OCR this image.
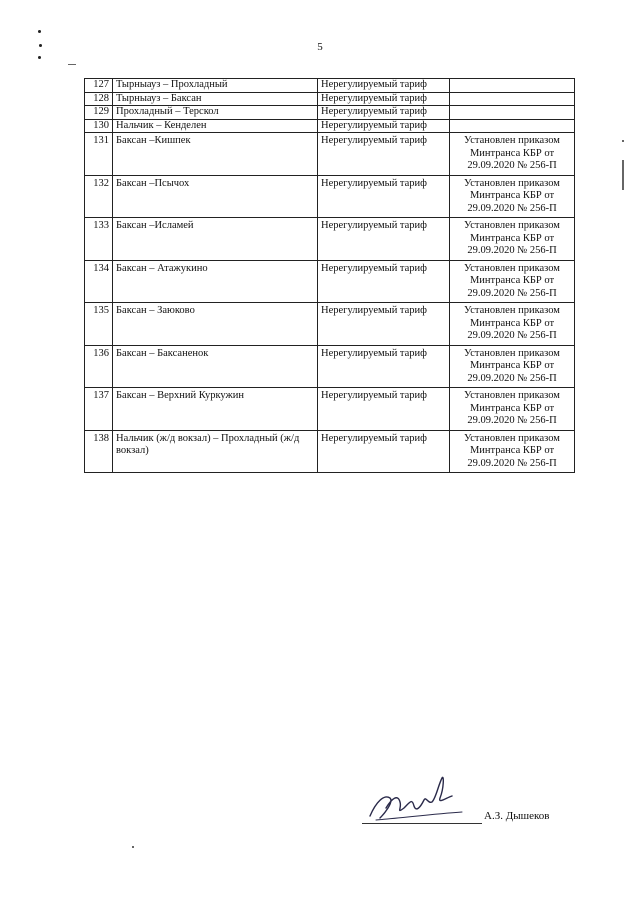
5
127	Тырныауз – Прохладный	Нерегулируемый тариф	
128	Тырныауз – Баксан	Нерегулируемый тариф	
129	Прохладный – Терскол	Нерегулируемый тариф	
130	Нальчик – Кенделен	Нерегулируемый тариф	
131	Баксан –Кишпек	Нерегулируемый тариф	Установлен приказом Минтранса КБР от 29.09.2020 № 256-П
132	Баксан –Псычох	Нерегулируемый тариф	Установлен приказом Минтранса КБР от 29.09.2020 № 256-П
133	Баксан –Исламей	Нерегулируемый тариф	Установлен приказом Минтранса КБР от 29.09.2020 № 256-П
134	Баксан – Атажукино	Нерегулируемый тариф	Установлен приказом Минтранса КБР от 29.09.2020 № 256-П
135	Баксан – Заюково	Нерегулируемый тариф	Установлен приказом Минтранса КБР от 29.09.2020 № 256-П
136	Баксан – Баксаненок	Нерегулируемый тариф	Установлен приказом Минтранса КБР от 29.09.2020 № 256-П
137	Баксан – Верхний Куркужин	Нерегулируемый тариф	Установлен приказом Минтранса КБР от 29.09.2020 № 256-П
138	Нальчик (ж/д вокзал) – Прохладный (ж/д вокзал)	Нерегулируемый тариф	Установлен приказом Минтранса КБР от 29.09.2020 № 256-П
А.З. Дышеков
